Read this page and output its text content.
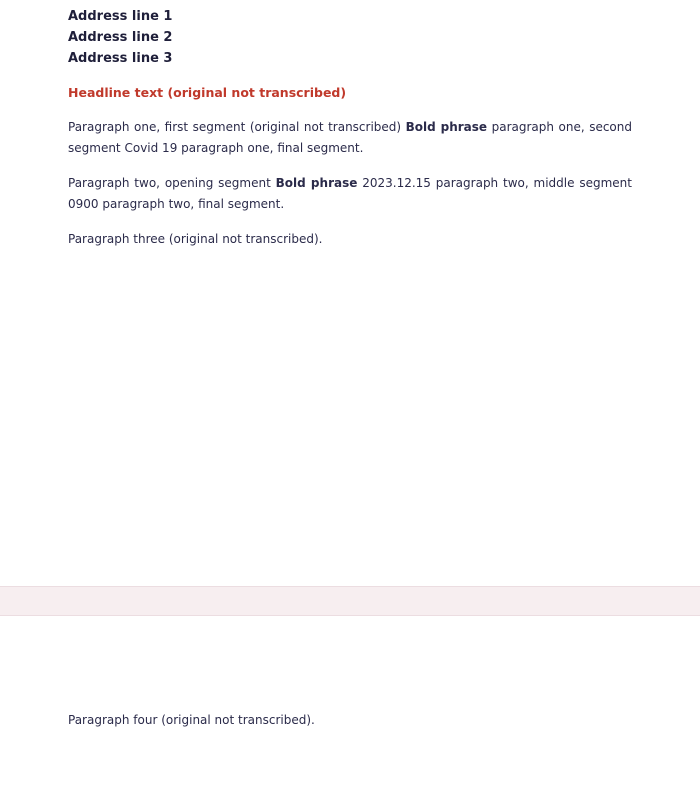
Address line 1
Address line 2
Address line 3
Headline text (original not transcribed)
Paragraph one, first segment (original not transcribed) Bold phrase paragraph one, second segment Covid 19 paragraph one, final segment.
Paragraph two, opening segment Bold phrase 2023.12.15 paragraph two, middle segment 0900 paragraph two, final segment.
Paragraph three (original not transcribed).
Paragraph four (original not transcribed).
